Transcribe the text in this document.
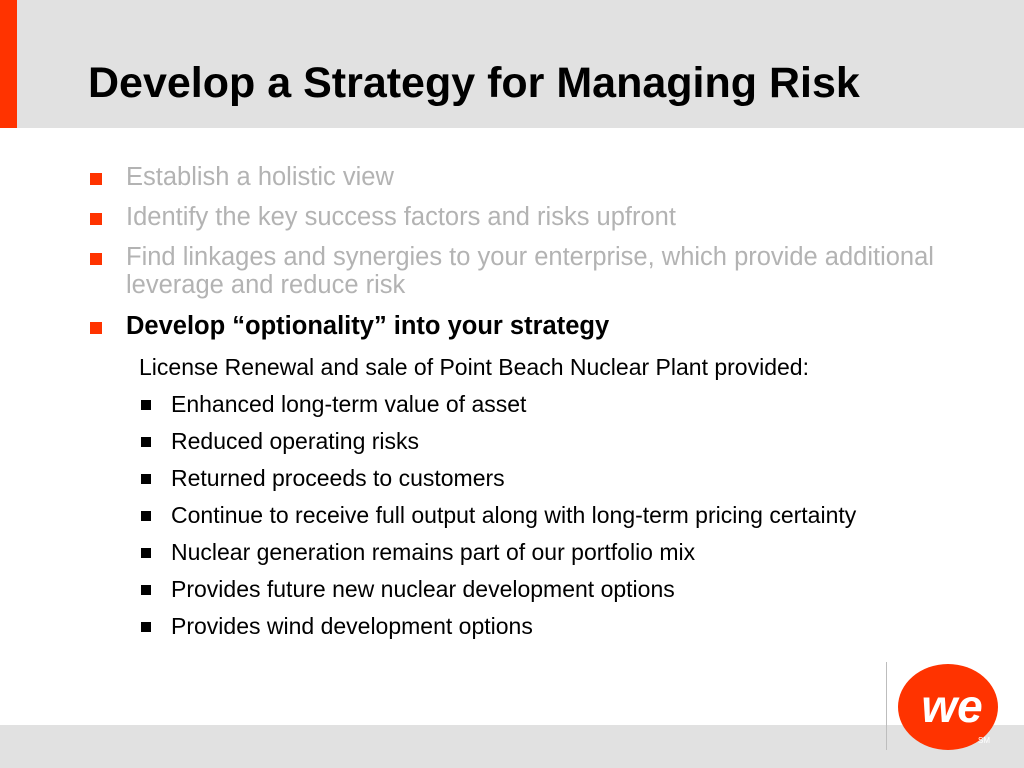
Develop a Strategy for Managing Risk
Establish a holistic view
Identify the key success factors and risks upfront
Find linkages and synergies to your enterprise, which provide additional leverage and reduce risk
Develop “optionality” into your strategy
License Renewal and sale of Point Beach Nuclear Plant provided:
Enhanced long-term value of asset
Reduced operating risks
Returned proceeds to customers
Continue to receive full output along with long-term pricing certainty
Nuclear generation remains part of our portfolio mix
Provides future new nuclear development options
Provides wind development options
we
SM
